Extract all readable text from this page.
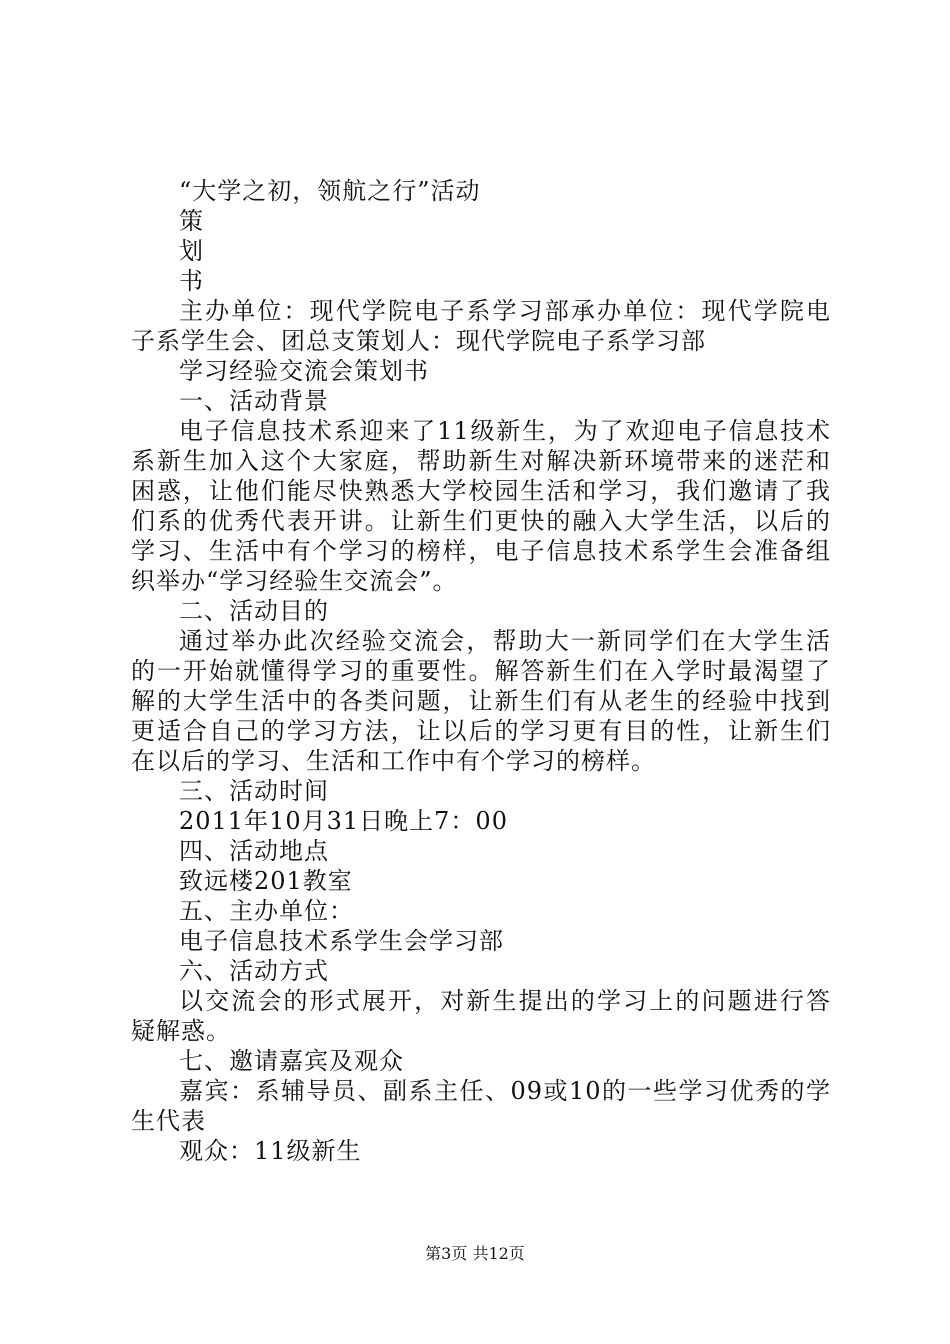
“大学之初，领航之行”活动
策
划
书
主办单位：现代学院电子系学习部承办单位：现代学院电
子系学生会、团总支策划人：现代学院电子系学习部
学习经验交流会策划书
一、活动背景
电子信息技术系迎来了11级新生，为了欢迎电子信息技术
系新生加入这个大家庭，帮助新生对解决新环境带来的迷茫和
困惑，让他们能尽快熟悉大学校园生活和学习，我们邀请了我
们系的优秀代表开讲。让新生们更快的融入大学生活，以后的
学习、生活中有个学习的榜样，电子信息技术系学生会准备组
织举办“学习经验生交流会”。
二、活动目的
通过举办此次经验交流会，帮助大一新同学们在大学生活
的一开始就懂得学习的重要性。解答新生们在入学时最渴望了
解的大学生活中的各类问题，让新生们有从老生的经验中找到
更适合自己的学习方法，让以后的学习更有目的性，让新生们
在以后的学习、生活和工作中有个学习的榜样。
三、活动时间
2011年10月31日晚上7：00
四、活动地点
致远楼201教室
五、主办单位：
电子信息技术系学生会学习部
六、活动方式
以交流会的形式展开，对新生提出的学习上的问题进行答
疑解惑。
七、邀请嘉宾及观众
嘉宾：系辅导员、副系主任、09或10的一些学习优秀的学
生代表
观众：11级新生
第3页 共12页
